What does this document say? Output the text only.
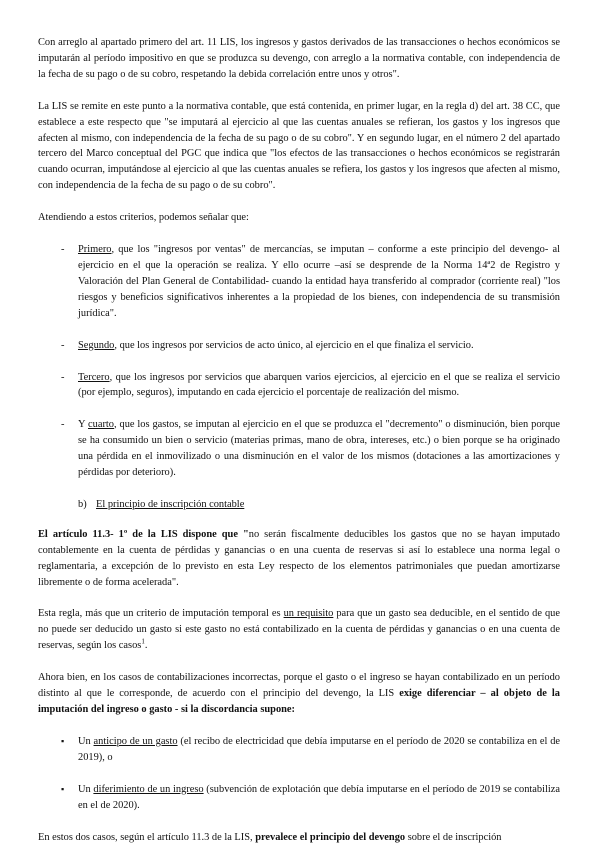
Con arreglo al apartado primero del art. 11 LIS, los ingresos y gastos derivados de las transacciones o hechos económicos se imputarán al período impositivo en que se produzca su devengo, con arreglo a la normativa contable, con independencia de la fecha de su pago o de su cobro, respetando la debida correlación entre unos y otros".

La LIS se remite en este punto a la normativa contable, que está contenida, en primer lugar, en la regla d) del art. 38 CC, que establece a este respecto que "se imputará al ejercicio al que las cuentas anuales se refieran, los gastos y los ingresos que afecten al mismo, con independencia de la fecha de su pago o de su cobro". Y en segundo lugar, en el número 2 del apartado tercero del Marco conceptual del PGC que indica que "los efectos de las transacciones o hechos económicos se registrarán cuando ocurran, imputándose al ejercicio al que las cuentas anuales se refiera, los gastos y los ingresos que afecten al mismo, con independencia de la fecha de su pago o de su cobro".

Atendiendo a estos criterios, podemos señalar que:

- Primero, que los "ingresos por ventas" de mercancías, se imputan – conforme a este principio del devengo- al ejercicio en el que la operación se realiza. Y ello ocurre –así se desprende de la Norma 14ª2 de Registro y Valoración del Plan General de Contabilidad- cuando la entidad haya transferido al comprador (corriente real) "los riesgos y beneficios significativos inherentes a la propiedad de los bienes, con independencia de su transmisión jurídica".
- Segundo, que los ingresos por servicios de acto único, al ejercicio en el que finaliza el servicio.
- Tercero, que los ingresos por servicios que abarquen varios ejercicios, al ejercicio en el que se realiza el servicio (por ejemplo, seguros), imputando en cada ejercicio el porcentaje de realización del mismo.
- Y cuarto, que los gastos, se imputan al ejercicio en el que se produzca el "decremento" o disminución, bien porque se ha consumido un bien o servicio (materias primas, mano de obra, intereses, etc.) o bien porque se ha originado una pérdida en el inmovilizado o una disminución en el valor de los mismos (dotaciones a las amortizaciones y pérdidas por deterioro).
b) El principio de inscripción contable

El artículo 11.3- 1º de la LIS dispone que "no serán fiscalmente deducibles los gastos que no se hayan imputado contablemente en la cuenta de pérdidas y ganancias o en una cuenta de reservas si así lo establece una norma legal o reglamentaria, a excepción de lo previsto en esta Ley respecto de los elementos patrimoniales que puedan amortizarse libremente o de forma acelerada".

Esta regla, más que un criterio de imputación temporal es un requisito para que un gasto sea deducible, en el sentido de que no puede ser deducido un gasto si este gasto no está contabilizado en la cuenta de pérdidas y ganancias o en una cuenta de reservas, según los casos$^1$.

Ahora bien, en los casos de contabilizaciones incorrectas, porque el gasto o el ingreso se hayan contabilizado en un período distinto al que le corresponde, de acuerdo con el principio del devengo, la LIS exige diferenciar – al objeto de la imputación del ingreso o gasto - si la discordancia supone:

▪ Un anticipo de un gasto (el recibo de electricidad que debía imputarse en el período de 2020 se contabiliza en el de 2019), o
▪ Un diferimiento de un ingreso (subvención de explotación que debía imputarse en el período de 2019 se contabiliza en el de 2020).

En estos dos casos, según el artículo 11.3 de la LIS, prevalece el principio del devengo sobre el de inscripción
